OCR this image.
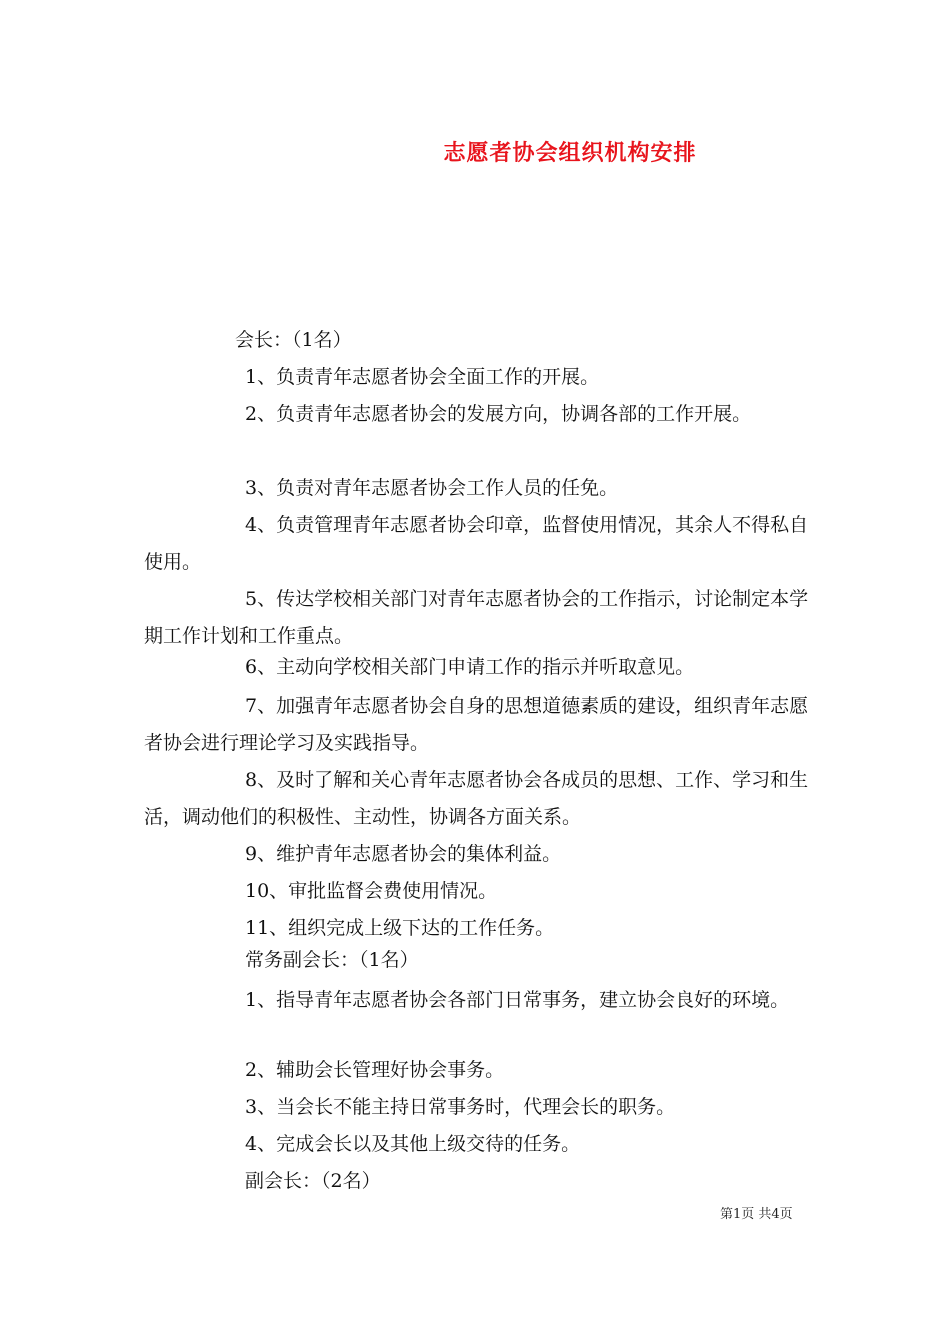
志愿者协会组织机构安排
会长：（1名）
1、负责青年志愿者协会全面工作的开展。
2、负责青年志愿者协会的发展方向，协调各部的工作开展。
3、负责对青年志愿者协会工作人员的任免。
4、负责管理青年志愿者协会印章，监督使用情况，其余人不得私自使用。
5、传达学校相关部门对青年志愿者协会的工作指示，讨论制定本学期工作计划和工作重点。
6、主动向学校相关部门申请工作的指示并听取意见。
7、加强青年志愿者协会自身的思想道德素质的建设，组织青年志愿者协会进行理论学习及实践指导。
8、及时了解和关心青年志愿者协会各成员的思想、工作、学习和生活，调动他们的积极性、主动性，协调各方面关系。
9、维护青年志愿者协会的集体利益。
10、审批监督会费使用情况。
11、组织完成上级下达的工作任务。
常务副会长：（1名）
1、指导青年志愿者协会各部门日常事务，建立协会良好的环境。
2、辅助会长管理好协会事务。
3、当会长不能主持日常事务时，代理会长的职务。
4、完成会长以及其他上级交待的任务。
副会长：（2名）
第1页 共4页
